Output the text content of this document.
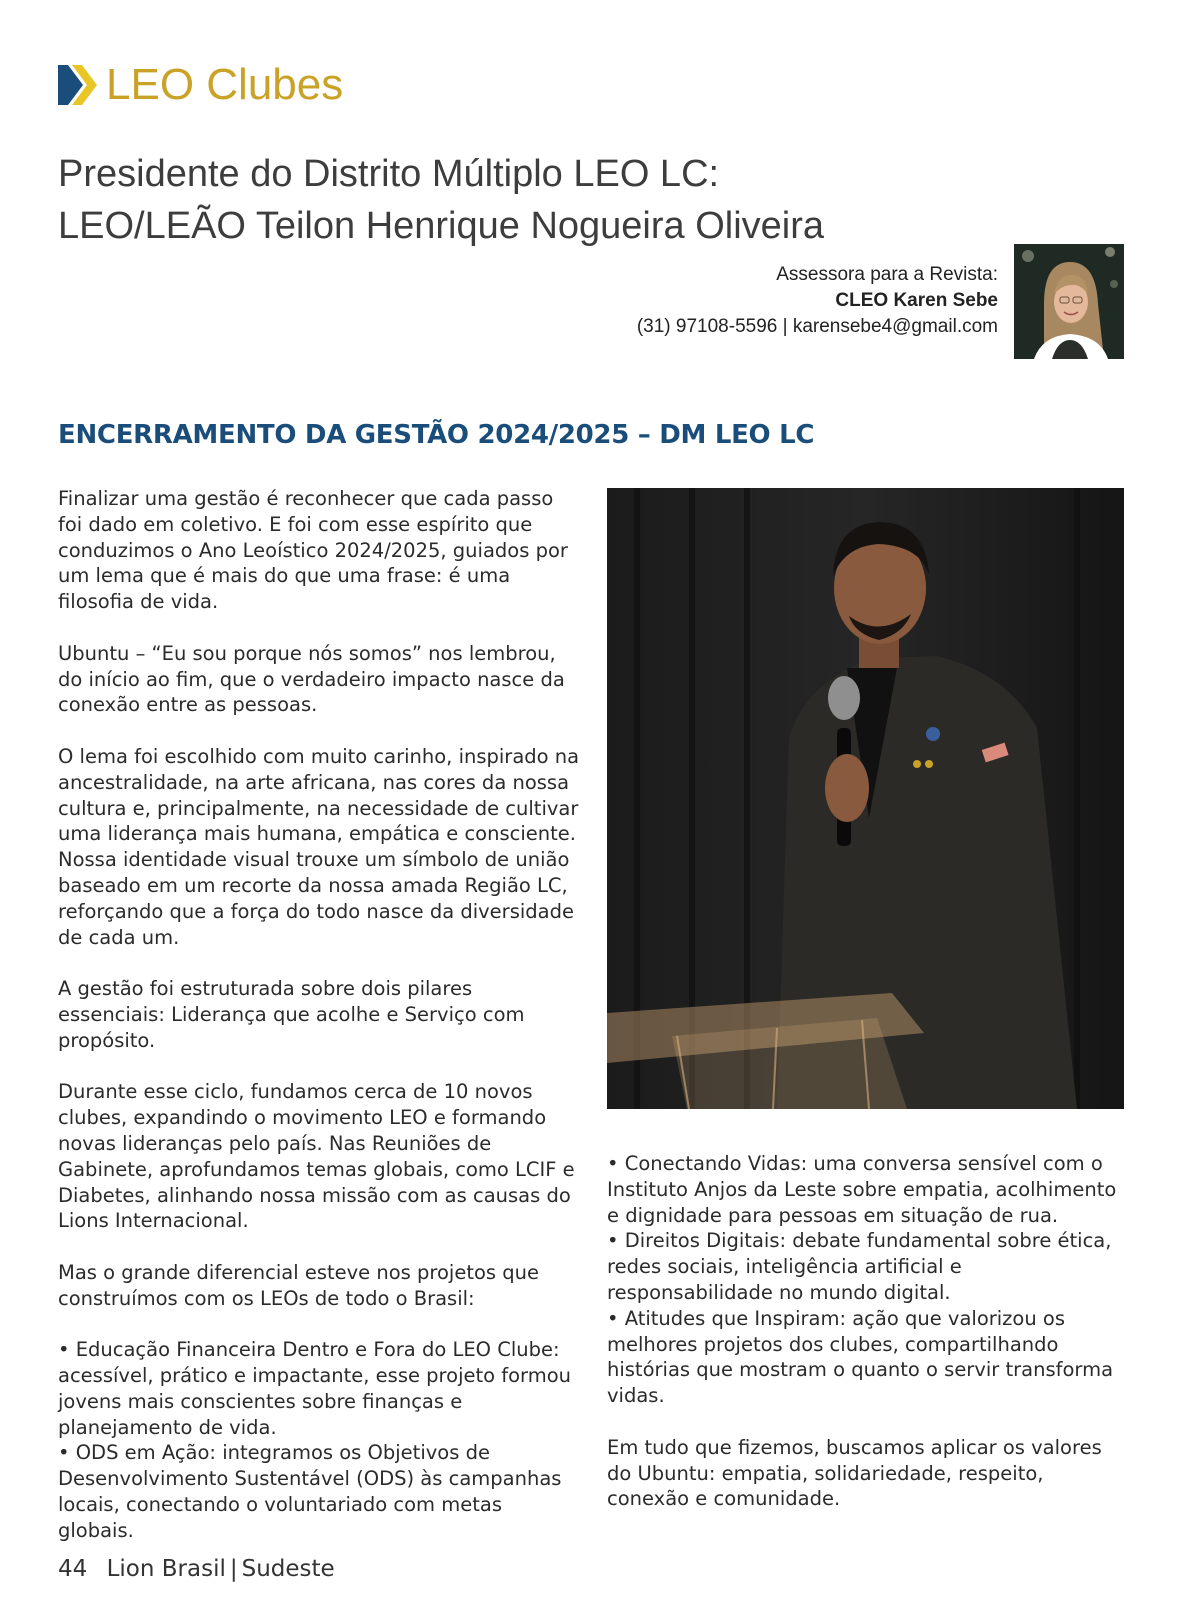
LEO Clubes
Presidente do Distrito Múltiplo LEO LC:
LEO/LEÃO Teilon Henrique Nogueira Oliveira
Assessora para a Revista:
CLEO Karen Sebe
(31) 97108-5596 | karensebe4@gmail.com
ENCERRAMENTO DA GESTÃO 2024/2025 – DM LEO LC

Finalizar uma gestão é reconhecer que cada passo foi dado em coletivo. E foi com esse espírito que conduzimos o Ano Leoístico 2024/2025, guiados por um lema que é mais do que uma frase: é uma filosofia de vida.

Ubuntu – “Eu sou porque nós somos” nos lembrou, do início ao fim, que o verdadeiro impacto nasce da conexão entre as pessoas.

O lema foi escolhido com muito carinho, inspirado na ancestralidade, na arte africana, nas cores da nossa cultura e, principalmente, na necessidade de cultivar uma liderança mais humana, empática e consciente. Nossa identidade visual trouxe um símbolo de união baseado em um recorte da nossa amada Região LC, reforçando que a força do todo nasce da diversidade de cada um.

A gestão foi estruturada sobre dois pilares essenciais: Liderança que acolhe e Serviço com propósito.

Durante esse ciclo, fundamos cerca de 10 novos clubes, expandindo o movimento LEO e formando novas lideranças pelo país. Nas Reuniões de Gabinete, aprofundamos temas globais, como LCIF e Diabetes, alinhando nossa missão com as causas do Lions Internacional.

Mas o grande diferencial esteve nos projetos que construímos com os LEOs de todo o Brasil:

• Educação Financeira Dentro e Fora do LEO Clube: acessível, prático e impactante, esse projeto formou jovens mais conscientes sobre finanças e planejamento de vida.

• ODS em Ação: integramos os Objetivos de Desenvolvimento Sustentável (ODS) às campanhas locais, conectando o voluntariado com metas globais.

• Conectando Vidas: uma conversa sensível com o Instituto Anjos da Leste sobre empatia, acolhimento e dignidade para pessoas em situação de rua.

• Direitos Digitais: debate fundamental sobre ética, redes sociais, inteligência artificial e responsabilidade no mundo digital.

• Atitudes que Inspiram: ação que valorizou os melhores projetos dos clubes, compartilhando histórias que mostram o quanto o servir transforma vidas.

Em tudo que fizemos, buscamos aplicar os valores do Ubuntu: empatia, solidariedade, respeito, conexão e comunidade.

44 Lion Brasil | Sudeste
